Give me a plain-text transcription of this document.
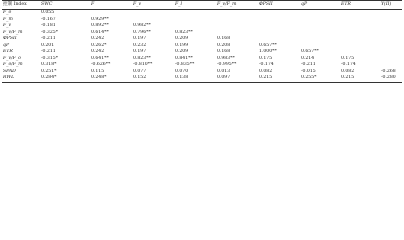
控制 Index	SWC	F	F_v	F_l	F_v/F_m	ΦPSII	qP	ETR	Y(II)
F_o	0.055								
F_m	-0.167	0.929**							
F_v	-0.181	0.892**	0.982**						
F_v/F_m	-0.325*	0.614**	0.796**	0.823**					
ΦPSII	-0.211	0.242	0.197	0.209	0.168				
qP	0.201	0.262*	0.232	0.199	0.208	0.657**			
ETR	-0.211	0.242	0.197	0.209	0.168	1.000**	0.657**		
F_v/F_o	-0.315*	0.641**	0.823**	0.841**	0.983**	0.175	0.214	0.175	
F_o/F_m	0.318*	-0.626**	-0.810**	-0.835**	-0.995**	-0.174	-0.211	-0.174	
SPAD	0.251*	0.115	0.077	0.070	0.013	0.082	-0.015	0.082	-0.268
RWL	0.284*	0.248*	0.152	0.138	0.097	0.215	0.255*	0.215	-0.280
